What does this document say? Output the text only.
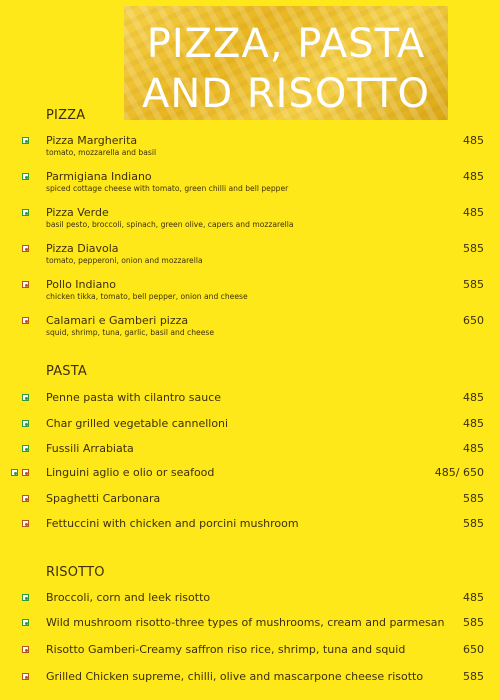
PIZZA, PASTA
AND RISOTTO
PIZZA
Pizza Margherita
tomato, mozzarella and basil
485
Parmigiana Indiano
spiced cottage cheese with tomato, green chilli and bell pepper
485
Pizza Verde
basil pesto, broccoli, spinach, green olive, capers and mozzarella
485
Pizza Diavola
tomato, pepperoni, onion and mozzarella
585
Pollo Indiano
chicken tikka, tomato, bell pepper, onion and cheese
585
Calamari e Gamberi pizza
squid, shrimp, tuna, garlic, basil and cheese
650
PASTA
Penne pasta with cilantro sauce	485
Char grilled vegetable cannelloni	485
Fussili Arrabiata	485
Linguini aglio e olio or seafood	485/ 650
Spaghetti Carbonara	585
Fettuccini with chicken and porcini mushroom	585
RISOTTO
Broccoli, corn and leek risotto	485
Wild mushroom risotto-three types of mushrooms, cream and parmesan 585
Risotto Gamberi-Creamy saffron riso rice, shrimp, tuna and squid	650
Grilled Chicken supreme, chilli, olive and mascarpone cheese risotto	585
